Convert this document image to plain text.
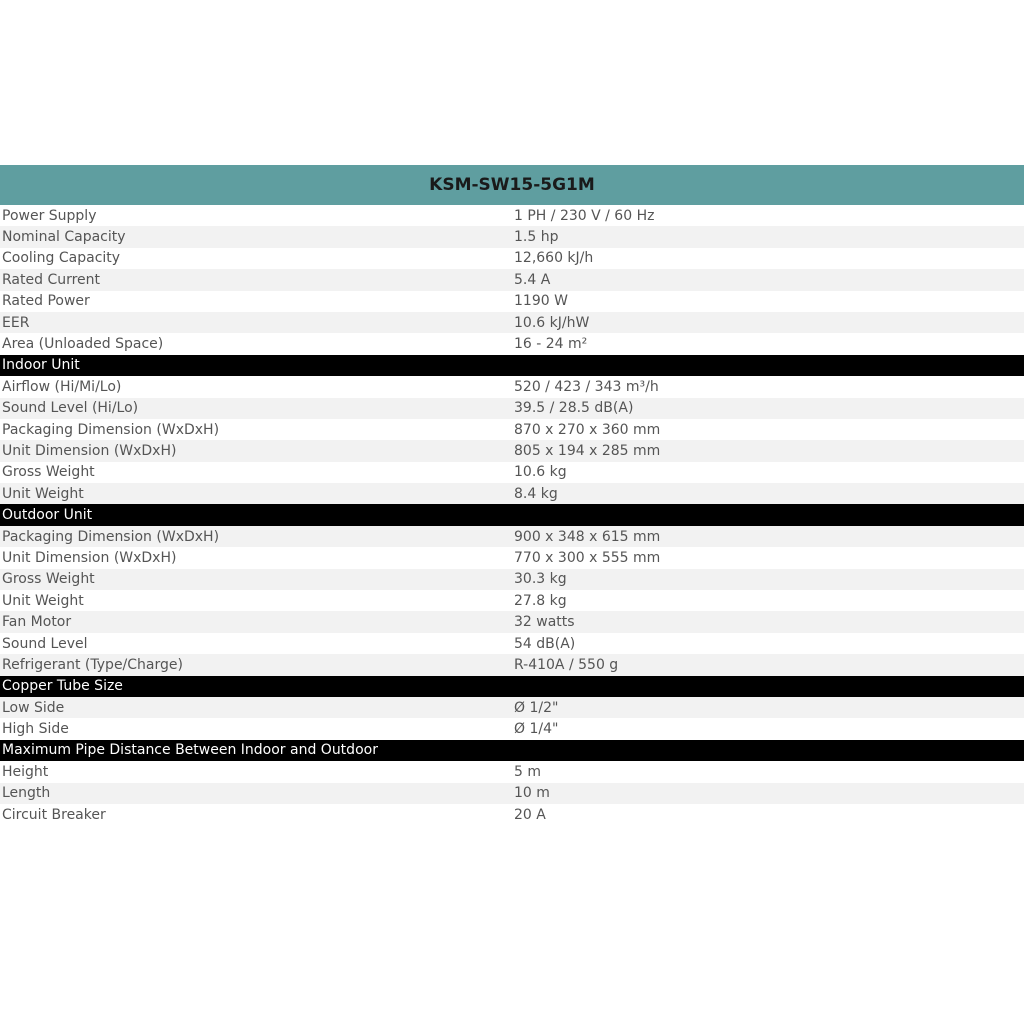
KSM-SW15-5G1M
Power Supply	1 PH / 230 V / 60 Hz
Nominal Capacity	1.5 hp
Cooling Capacity	12,660 kJ/h
Rated Current	5.4 A
Rated Power	1190 W
EER	10.6 kJ/hW
Area (Unloaded Space)	16 - 24 m²
Indoor Unit
Airflow (Hi/Mi/Lo)	520 / 423 / 343 m³/h
Sound Level (Hi/Lo)	39.5 / 28.5 dB(A)
Packaging Dimension (WxDxH)	870 x 270 x 360 mm
Unit Dimension (WxDxH)	805 x 194 x 285 mm
Gross Weight	10.6 kg
Unit Weight	8.4 kg
Outdoor Unit
Packaging Dimension (WxDxH)	900 x 348 x 615 mm
Unit Dimension (WxDxH)	770 x 300 x 555 mm
Gross Weight	30.3 kg
Unit Weight	27.8 kg
Fan Motor	32 watts
Sound Level	54 dB(A)
Refrigerant (Type/Charge)	R-410A / 550 g
Copper Tube Size
Low Side	Ø 1/2"
High Side	Ø 1/4"
Maximum Pipe Distance Between Indoor and Outdoor
Height	5 m
Length	10 m
Circuit Breaker	20 A
